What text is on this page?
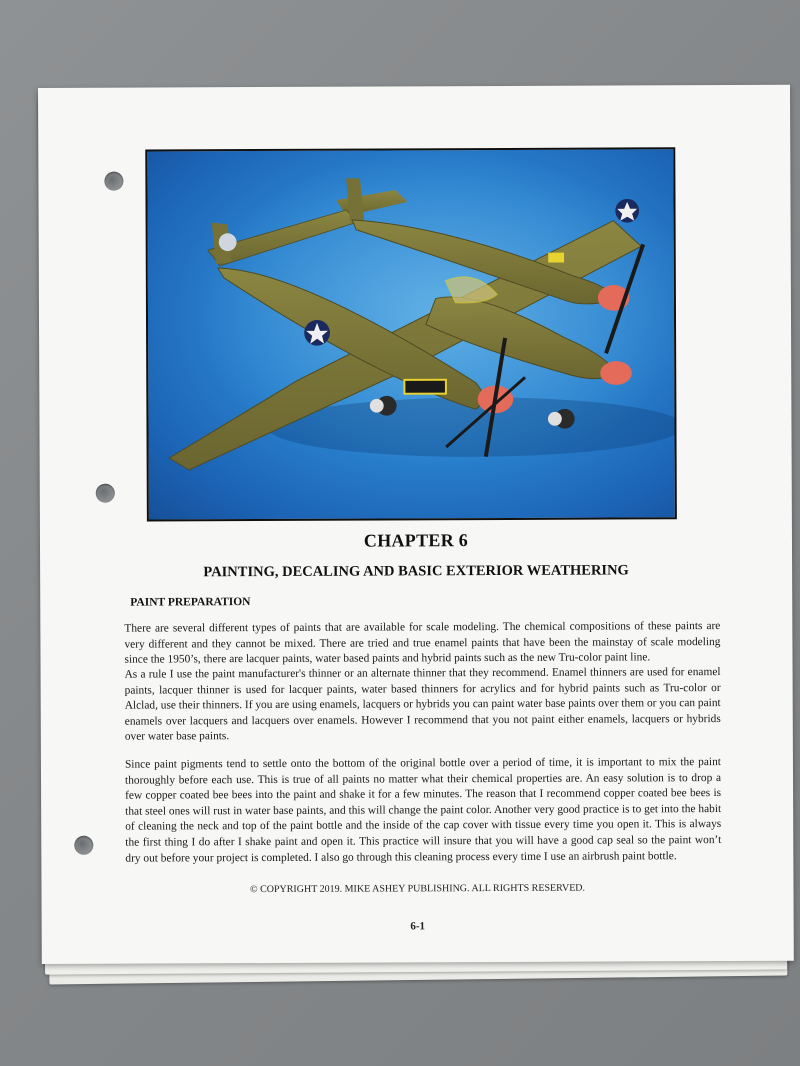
CHAPTER 6
PAINTING, DECALING AND BASIC EXTERIOR WEATHERING
PAINT PREPARATION
There are several different types of paints that are available for scale modeling. The chemical compositions of these paints are very different and they cannot be mixed. There are tried and true enamel paints that have been the mainstay of scale modeling since the 1950’s, there are lacquer paints, water based paints and hybrid paints such as the new Tru-color paint line.
As a rule I use the paint manufacturer's thinner or an alternate thinner that they recommend. Enamel thinners are used for enamel paints, lacquer thinner is used for lacquer paints, water based thinners for acrylics and for hybrid paints such as Tru-color or Alclad, use their thinners. If you are using enamels, lacquers or hybrids you can paint water base paints over them or you can paint enamels over lacquers and lacquers over enamels. However I recommend that you not paint either enamels, lacquers or hybrids over water base paints.
Since paint pigments tend to settle onto the bottom of the original bottle over a period of time, it is important to mix the paint thoroughly before each use. This is true of all paints no matter what their chemical properties are. An easy solution is to drop a few copper coated bee bees into the paint and shake it for a few minutes. The reason that I recommend copper coated bee bees is that steel ones will rust in water base paints, and this will change the paint color. Another very good practice is to get into the habit of cleaning the neck and top of the paint bottle and the inside of the cap cover with tissue every time you open it. This is always the first thing I do after I shake paint and open it. This practice will insure that you will have a good cap seal so the paint won’t dry out before your project is completed. I also go through this cleaning process every time I use an airbrush paint bottle.
© COPYRIGHT 2019. MIKE ASHEY PUBLISHING. ALL RIGHTS RESERVED.
6-1
